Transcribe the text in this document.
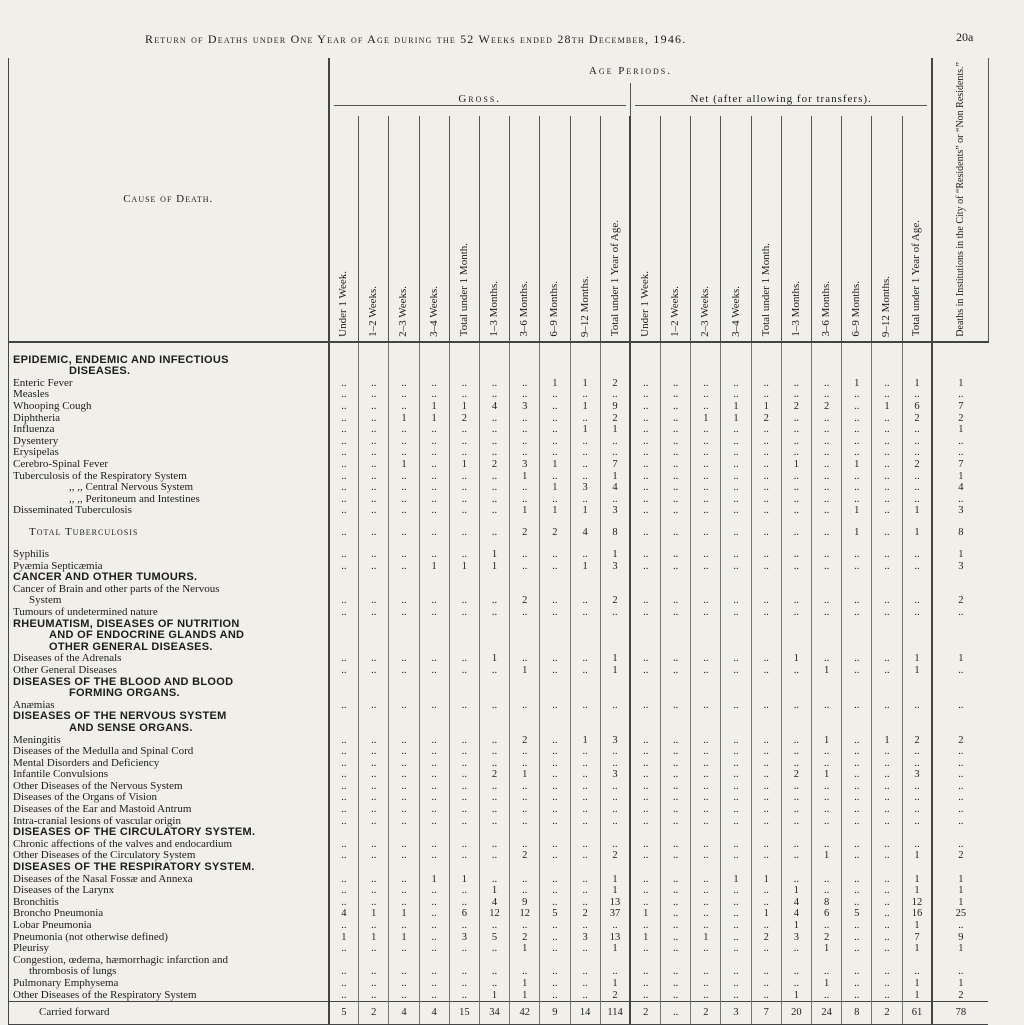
Return of Deaths under One Year of Age during the 52 Weeks ended 28th December, 1946.	20a
Cause of Death.	Age Periods.																				Deaths in Institutions in the City of “Residents” or “Non Residents.”

	Gross.										Net (after allowing for transfers).										

	Under 1 Week.	1–2 Weeks.	2–3 Weeks.	3–4 Weeks.	Total under 1 Month.	1–3 Months.	3–6 Months.	6–9 Months.	9–12 Months.	Total under 1 Year of Age.	Under 1 Week.	1–2 Weeks.	2–3 Weeks.	3–4 Weeks.	Total under 1 Month.	1–3 Months.	3–6 Months.	6–9 Months.	9–12 Months.	Total under 1 Year of Age.	

EPIDEMIC, ENDEMIC AND INFECTIOUS																					
DISEASES.																					
Enteric Fever	..	..	..	..	..	..	..	1	1	2	..	..	..	..	..	..	..	1	..	1	1
Measles	..	..	..	..	..	..	..	..	..	..	..	..	..	..	..	..	..	..	..	..	..
Whooping Cough	..	..	..	1	1	4	3	..	1	9	..	..	..	1	1	2	2	..	1	6	7
Diphtheria	..	..	1	1	2	..	..	..	..	2	..	..	1	1	2	..	..	..	..	2	2
Influenza	..	..	..	..	..	..	..	..	1	1	..	..	..	..	..	..	..	..	..	..	1
Dysentery	..	..	..	..	..	..	..	..	..	..	..	..	..	..	..	..	..	..	..	..	..
Erysipelas	..	..	..	..	..	..	..	..	..	..	..	..	..	..	..	..	..	..	..	..	..
Cerebro-Spinal Fever	..	..	1	..	1	2	3	1	..	7	..	..	..	..	..	1	..	1	..	2	7
Tuberculosis of the Respiratory System	..	..	..	..	..	..	1	..	..	1	..	..	..	..	..	..	..	..	..	..	1
,, ,, Central Nervous System	..	..	..	..	..	..	..	1	3	4	..	..	..	..	..	..	..	..	..	..	4
,, ,, Peritoneum and Intestines	..	..	..	..	..	..	..	..	..	..	..	..	..	..	..	..	..	..	..	..	..
Disseminated Tuberculosis	..	..	..	..	..	..	1	1	1	3	..	..	..	..	..	..	..	1	..	1	3
Total Tuberculosis	..	..	..	..	..	..	2	2	4	8	..	..	..	..	..	..	..	1	..	1	8
Syphilis	..	..	..	..	..	1	..	..	..	1	..	..	..	..	..	..	..	..	..	..	1
Pyæmia Septicæmia	..	..	..	1	1	1	..	..	1	3	..	..	..	..	..	..	..	..	..	..	3
CANCER AND OTHER TUMOURS.																					
Cancer of Brain and other parts of the Nervous																					
System	..	..	..	..	..	..	2	..	..	2	..	..	..	..	..	..	..	..	..	..	2
Tumours of undetermined nature	..	..	..	..	..	..	..	..	..	..	..	..	..	..	..	..	..	..	..	..	..
RHEUMATISM, DISEASES OF NUTRITION																					
AND OF ENDOCRINE GLANDS AND																					
OTHER GENERAL DISEASES.																					
Diseases of the Adrenals	..	..	..	..	..	1	..	..	..	1	..	..	..	..	..	1	..	..	..	1	1
Other General Diseases	..	..	..	..	..	..	1	..	..	1	..	..	..	..	..	..	1	..	..	1	..
DISEASES OF THE BLOOD AND BLOOD																					
FORMING ORGANS.																					
Anæmias	..	..	..	..	..	..	..	..	..	..	..	..	..	..	..	..	..	..	..	..	..
DISEASES OF THE NERVOUS SYSTEM																					
AND SENSE ORGANS.																					
Meningitis	..	..	..	..	..	..	2	..	1	3	..	..	..	..	..	..	1	..	1	2	2
Diseases of the Medulla and Spinal Cord	..	..	..	..	..	..	..	..	..	..	..	..	..	..	..	..	..	..	..	..	..
Mental Disorders and Deficiency	..	..	..	..	..	..	..	..	..	..	..	..	..	..	..	..	..	..	..	..	..
Infantile Convulsions	..	..	..	..	..	2	1	..	..	3	..	..	..	..	..	2	1	..	..	3	..
Other Diseases of the Nervous System	..	..	..	..	..	..	..	..	..	..	..	..	..	..	..	..	..	..	..	..	..
Diseases of the Organs of Vision	..	..	..	..	..	..	..	..	..	..	..	..	..	..	..	..	..	..	..	..	..
Diseases of the Ear and Mastoid Antrum	..	..	..	..	..	..	..	..	..	..	..	..	..	..	..	..	..	..	..	..	..
Intra-cranial lesions of vascular origin	..	..	..	..	..	..	..	..	..	..	..	..	..	..	..	..	..	..	..	..	..
DISEASES OF THE CIRCULATORY SYSTEM.																					
Chronic affections of the valves and endocardium	..	..	..	..	..	..	..	..	..	..	..	..	..	..	..	..	..	..	..	..	..
Other Diseases of the Circulatory System	..	..	..	..	..	..	2	..	..	2	..	..	..	..	..	..	1	..	..	1	2
DISEASES OF THE RESPIRATORY SYSTEM.																					
Diseases of the Nasal Fossæ and Annexa	..	..	..	1	1	..	..	..	..	1	..	..	..	1	1	..	..	..	..	1	1
Diseases of the Larynx	..	..	..	..	..	1	..	..	..	1	..	..	..	..	..	1	..	..	..	1	1
Bronchitis	..	..	..	..	..	4	9	..	..	13	..	..	..	..	..	4	8	..	..	12	1
Broncho Pneumonia	4	1	1	..	6	12	12	5	2	37	1	..	..	..	1	4	6	5	..	16	25
Lobar Pneumonia	..	..	..	..	..	..	..	..	..	..	..	..	..	..	..	1	..	..	..	1	..
Pneumonia (not otherwise defined)	1	1	1	..	3	5	2	..	3	13	1	..	1	..	2	3	2	..	..	7	9
Pleurisy	..	..	..	..	..	..	1	..	..	1	..	..	..	..	..	..	1	..	..	1	1
Congestion, œdema, hæmorrhagic infarction and																					
thrombosis of lungs	..	..	..	..	..	..	..	..	..	..	..	..	..	..	..	..	..	..	..	..	..
Pulmonary Emphysema	..	..	..	..	..	..	1	..	..	1	..	..	..	..	..	..	1	..	..	1	1
Other Diseases of the Respiratory System	..	..	..	..	..	1	1	..	..	2	..	..	..	..	..	1	..	..	..	1	2
Carried forward	5	2	4	4	15	34	42	9	14	114	2	..	2	3	7	20	24	8	2	61	78
